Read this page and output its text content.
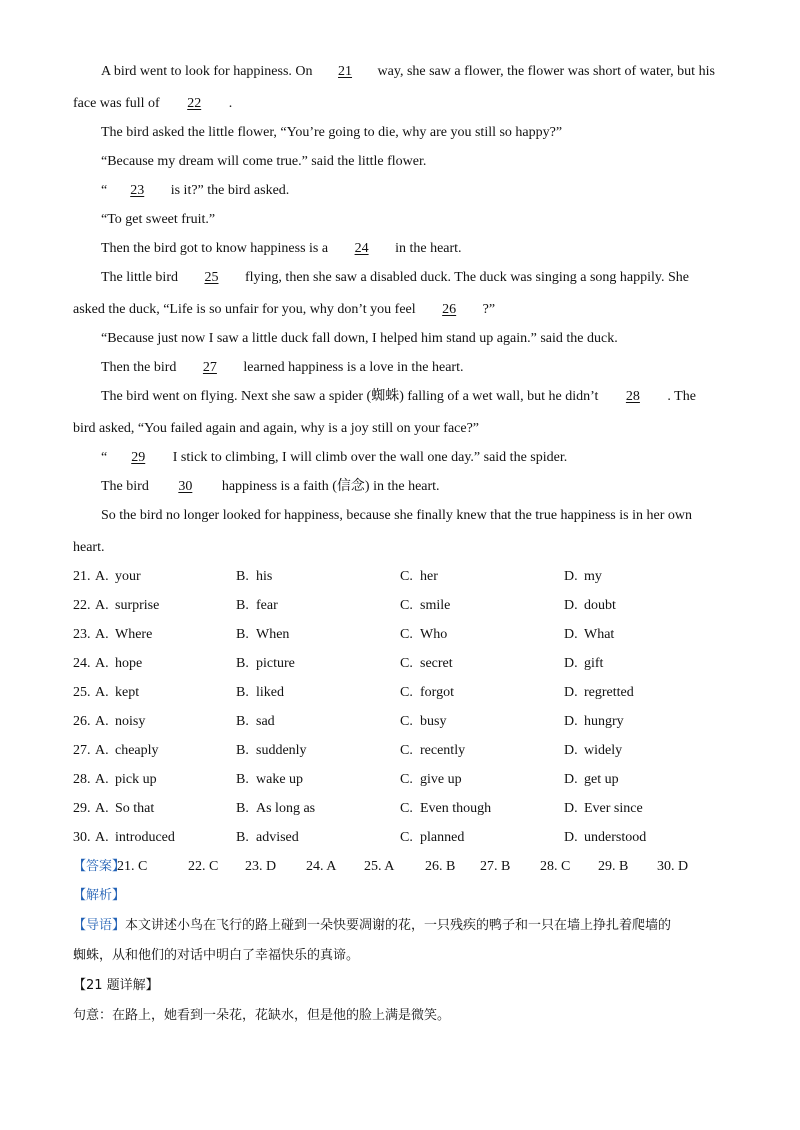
A bird went to look for happiness. On 21 way, she saw a flower, the flower was short of water, but his
face was full of 22 .
The bird asked the little flower, “You’re going to die, why are you still so happy?”
“Because my dream will come true.” said the little flower.
“ 23 is it?” the bird asked.
“To get sweet fruit.”
Then the bird got to know happiness is a 24 in the heart.
The little bird 25 flying, then she saw a disabled duck. The duck was singing a song happily. She
asked the duck, “Life is so unfair for you, why don’t you feel 26 ?”
“Because just now I saw a little duck fall down, I helped him stand up again.” said the duck.
Then the bird 27 learned happiness is a love in the heart.
The bird went on flying. Next she saw a spider (蜘蛛) falling of a wet wall, but he didn’t 28 . The
bird asked, “You failed again and again, why is a joy still on your face?”
“ 29 I stick to climbing, I will climb over the wall one day.” said the spider.
The bird 30 happiness is a faith (信念) in the heart.
So the bird no longer looked for happiness, because she finally knew that the true happiness is in her own
heart.
21. A. your	B. his	C. her	D. my
22. A. surprise	B. fear	C. smile	D. doubt
23. A. Where	B. When	C. Who	D. What
24. A. hope	B. picture	C. secret	D. gift
25. A. kept	B. liked	C. forgot	D. regretted
26. A. noisy	B. sad	C. busy	D. hungry
27. A. cheaply	B. suddenly	C. recently	D. widely
28. A. pick up	B. wake up	C. give up	D. get up
29. A. So that	B. As long as	C. Even though	D. Ever since
30. A. introduced	B. advised	C. planned	D. understood
【答案】
21. C	22. C 23. D 24. A 25. A 26. B 27. B 28. C 29. B 30. D
【解析】
【导语】本文讲述小鸟在飞行的路上碰到一朵快要凋谢的花，一只残疾的鸭子和一只在墙上挣扎着爬墙的
蜘蛛，从和他们的对话中明白了幸福快乐的真谛。
【21 题详解】
句意：在路上，她看到一朵花，花缺水，但是他的脸上满是微笑。
